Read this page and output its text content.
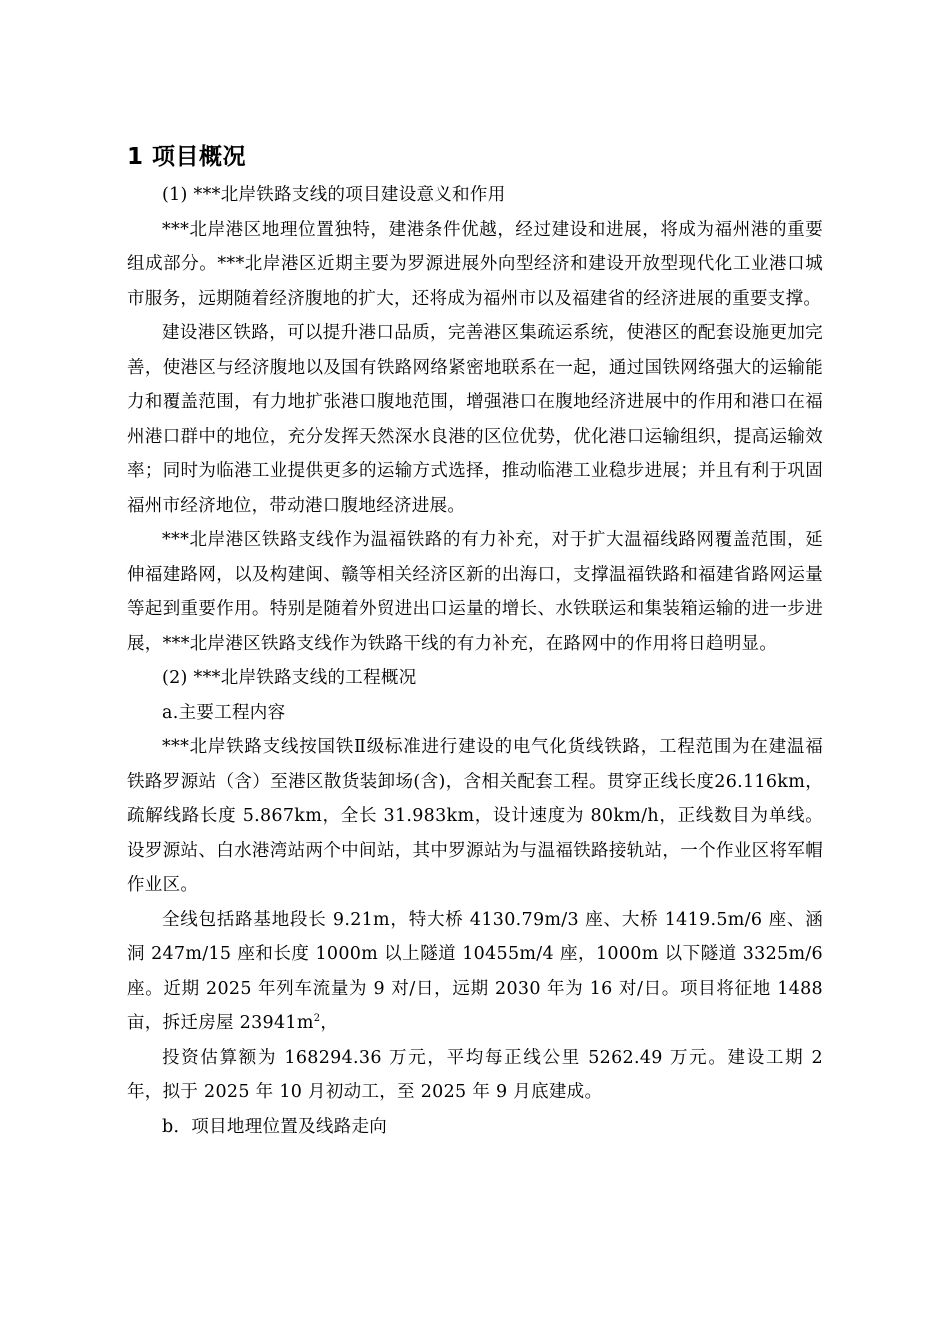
1 项目概况

(1) ***北岸铁路支线的项目建设意义和作用

***北岸港区地理位置独特，建港条件优越，经过建设和进展，将成为福州港的重要组成部分。***北岸港区近期主要为罗源进展外向型经济和建设开放型现代化工业港口城市服务，远期随着经济腹地的扩大，还将成为福州市以及福建省的经济进展的重要支撑。

建设港区铁路，可以提升港口品质，完善港区集疏运系统，使港区的配套设施更加完善，使港区与经济腹地以及国有铁路网络紧密地联系在一起，通过国铁网络强大的运输能力和覆盖范围，有力地扩张港口腹地范围，增强港口在腹地经济进展中的作用和港口在福州港口群中的地位，充分发挥天然深水良港的区位优势，优化港口运输组织，提高运输效率；同时为临港工业提供更多的运输方式选择，推动临港工业稳步进展；并且有利于巩固福州市经济地位，带动港口腹地经济进展。

***北岸港区铁路支线作为温福铁路的有力补充，对于扩大温福线路网覆盖范围，延伸福建路网，以及构建闽、赣等相关经济区新的出海口，支撑温福铁路和福建省路网运量等起到重要作用。特别是随着外贸进出口运量的增长、水铁联运和集装箱运输的进一步进展，***北岸港区铁路支线作为铁路干线的有力补充，在路网中的作用将日趋明显。

(2) ***北岸铁路支线的工程概况

a.主要工程内容

***北岸铁路支线按国铁Ⅱ级标准进行建设的电气化货线铁路，工程范围为在建温福铁路罗源站（含）至港区散货装卸场(含)，含相关配套工程。贯穿正线长度26.116km，疏解线路长度 5.867km，全长 31.983km，设计速度为 80km/h，正线数目为单线。设罗源站、白水港湾站两个中间站，其中罗源站为与温福铁路接轨站，一个作业区将军帽作业区。

全线包括路基地段长 9.21m，特大桥 4130.79m/3 座、大桥 1419.5m/6 座、涵洞 247m/15 座和长度 1000m 以上隧道 10455m/4 座，1000m 以下隧道 3325m/6 座。近期 2025 年列车流量为 9 对/日，远期 2030 年为 16 对/日。项目将征地 1488 亩，拆迁房屋 $23941m^2$，

投资估算额为 168294.36 万元，平均每正线公里 5262.49 万元。建设工期 2 年，拟于 2025 年 10 月初动工，至 2025 年 9 月底建成。

b．项目地理位置及线路走向
